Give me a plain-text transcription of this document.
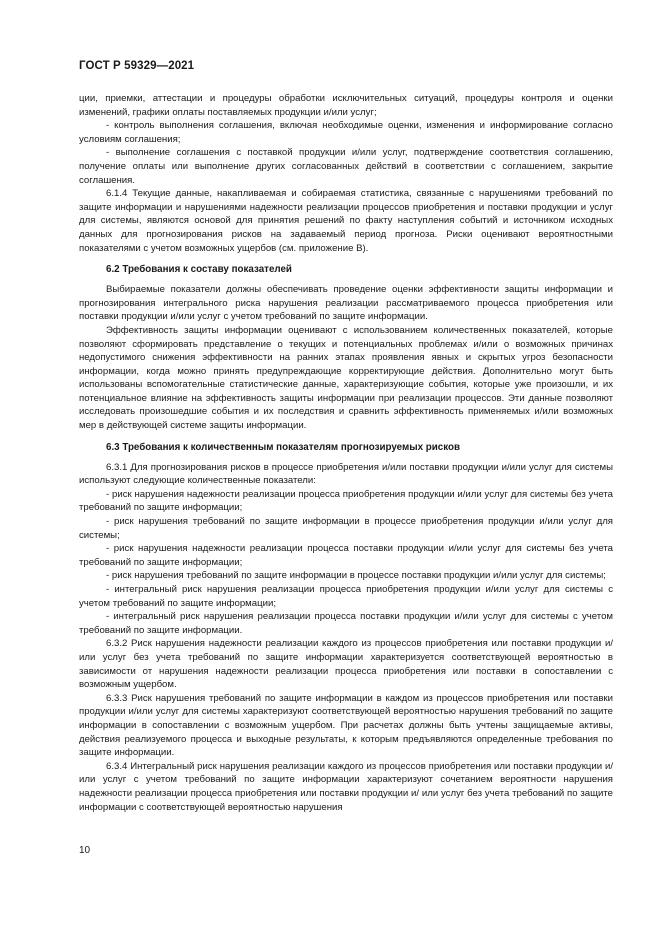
ГОСТ Р 59329—2021

ции, приемки, аттестации и процедуры обработки исключительных ситуаций, процедуры контроля и оценки изменений, графики оплаты поставляемых продукции и/или услуг;

- контроль выполнения соглашения, включая необходимые оценки, изменения и информирование согласно условиям соглашения;

- выполнение соглашения с поставкой продукции и/или услуг, подтверждение соответствия соглашению, получение оплаты или выполнение других согласованных действий в соответствии с соглашением, закрытие соглашения.

6.1.4 Текущие данные, накапливаемая и собираемая статистика, связанные с нарушениями требований по защите информации и нарушениями надежности реализации процессов приобретения и поставки продукции и услуг для системы, являются основой для принятия решений по факту наступления событий и источником исходных данных для прогнозирования рисков на задаваемый период прогноза. Риски оценивают вероятностными показателями с учетом возможных ущербов (см. приложение В).

6.2 Требования к составу показателей

Выбираемые показатели должны обеспечивать проведение оценки эффективности защиты информации и прогнозирования интегрального риска нарушения реализации рассматриваемого процесса приобретения или поставки продукции и/или услуг с учетом требований по защите информации.

Эффективность защиты информации оценивают с использованием количественных показателей, которые позволяют сформировать представление о текущих и потенциальных проблемах и/или о возможных причинах недопустимого снижения эффективности на ранних этапах проявления явных и скрытых угроз безопасности информации, когда можно принять предупреждающие корректирующие действия. Дополнительно могут быть использованы вспомогательные статистические данные, характеризующие события, которые уже произошли, и их потенциальное влияние на эффективность защиты информации при реализации процессов. Эти данные позволяют исследовать произошедшие события и их последствия и сравнить эффективность применяемых и/или возможных мер в действующей системе защиты информации.

6.3 Требования к количественным показателям прогнозируемых рисков

6.3.1 Для прогнозирования рисков в процессе приобретения и/или поставки продукции и/или услуг для системы используют следующие количественные показатели:

- риск нарушения надежности реализации процесса приобретения продукции и/или услуг для системы без учета требований по защите информации;

- риск нарушения требований по защите информации в процессе приобретения продукции и/или услуг для системы;

- риск нарушения надежности реализации процесса поставки продукции и/или услуг для системы без учета требований по защите информации;

- риск нарушения требований по защите информации в процессе поставки продукции и/или услуг для системы;

- интегральный риск нарушения реализации процесса приобретения продукции и/или услуг для системы с учетом требований по защите информации;

- интегральный риск нарушения реализации процесса поставки продукции и/или услуг для системы с учетом требований по защите информации.

6.3.2 Риск нарушения надежности реализации каждого из процессов приобретения или поставки продукции и/или услуг без учета требований по защите информации характеризуется соответствующей вероятностью в зависимости от нарушения надежности реализации процесса приобретения или поставки в сопоставлении с возможным ущербом.

6.3.3 Риск нарушения требований по защите информации в каждом из процессов приобретения или поставки продукции и/или услуг для системы характеризуют соответствующей вероятностью нарушения требований по защите информации в сопоставлении с возможным ущербом. При расчетах должны быть учтены защищаемые активы, действия реализуемого процесса и выходные результаты, к которым предъявляются определенные требования по защите информации.

6.3.4 Интегральный риск нарушения реализации каждого из процессов приобретения или поставки продукции и/или услуг с учетом требований по защите информации характеризуют сочетанием вероятности нарушения надежности реализации процесса приобретения или поставки продукции и/ или услуг без учета требований по защите информации с соответствующей вероятностью нарушения

10
